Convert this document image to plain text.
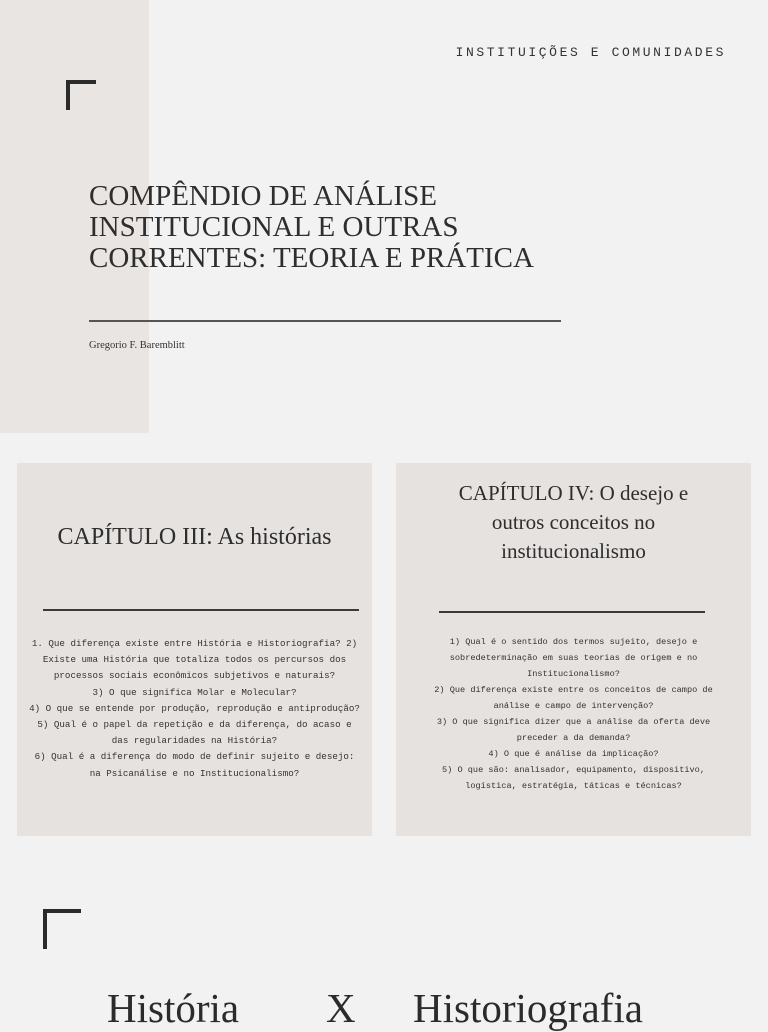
INSTITUIÇÕES E COMUNIDADES
COMPÊNDIO DE ANÁLISE INSTITUCIONAL E OUTRAS CORRENTES: TEORIA E PRÁTICA
Gregorio F. Baremblitt
CAPÍTULO III: As histórias

1. Que diferença existe entre História e Historiografia? 2) Existe uma História que totaliza todos os percursos dos processos sociais econômicos subjetivos e naturais?

3) O que significa Molar e Molecular?

4) O que se entende por produção, reprodução e antiprodução?

5) Qual é o papel da repetição e da diferença, do acaso e das regularidades na História?

6) Qual é a diferença do modo de definir sujeito e desejo: na Psicanálise e no Institucionalismo?

CAPÍTULO IV: O desejo e outros conceitos no institucionalismo

1) Qual é o sentido dos termos sujeito, desejo e sobredeterminação em suas teorias de origem e no Institucionalismo?

2) Que diferença existe entre os conceitos de campo de análise e campo de intervenção?

3) O que significa dizer que a análise da oferta deve preceder a da demanda?

4) O que é análise da implicação?

5) O que são: analisador, equipamento, dispositivo, logística, estratégia, táticas e técnicas?

História X Historiografia
